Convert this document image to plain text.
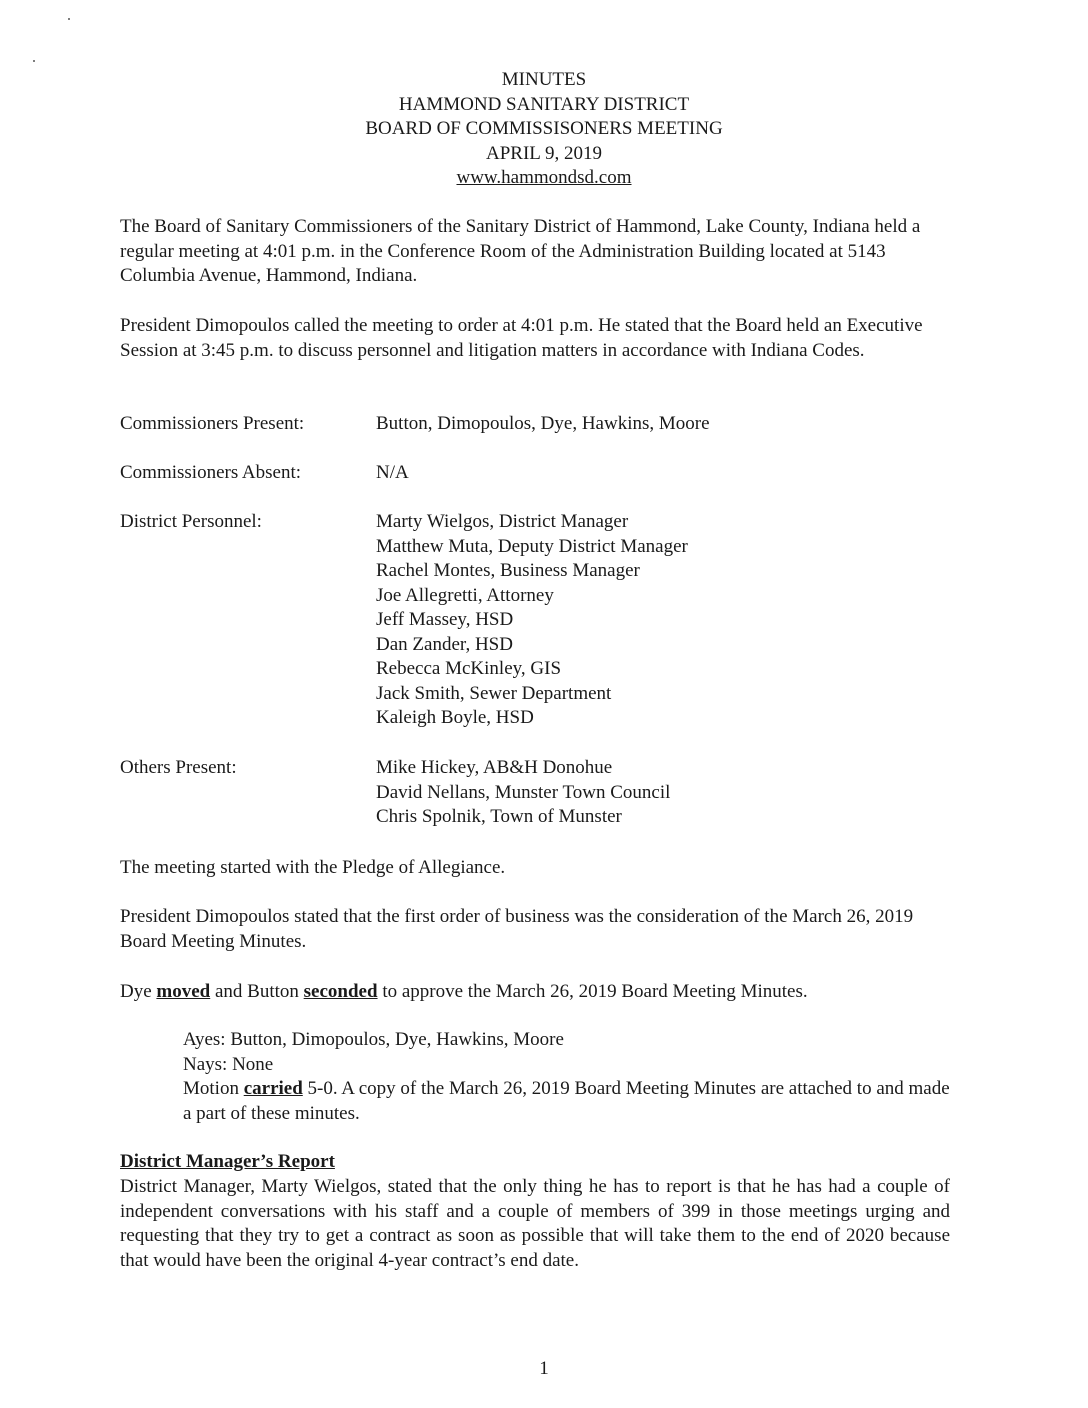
MINUTES
HAMMOND SANITARY DISTRICT
BOARD OF COMMISSISONERS MEETING
APRIL 9, 2019
www.hammondsd.com
The Board of Sanitary Commissioners of the Sanitary District of Hammond, Lake County, Indiana held a regular meeting at 4:01 p.m. in the Conference Room of the Administration Building located at 5143 Columbia Avenue, Hammond, Indiana.
President Dimopoulos called the meeting to order at 4:01 p.m. He stated that the Board held an Executive Session at 3:45 p.m. to discuss personnel and litigation matters in accordance with Indiana Codes.
Commissioners Present:	Button, Dimopoulos, Dye, Hawkins, Moore
Commissioners Absent:	N/A
District Personnel:	Marty Wielgos, District Manager
Matthew Muta, Deputy District Manager
Rachel Montes, Business Manager
Joe Allegretti, Attorney
Jeff Massey, HSD
Dan Zander, HSD
Rebecca McKinley, GIS
Jack Smith, Sewer Department
Kaleigh Boyle, HSD
Others Present:	Mike Hickey, AB&H Donohue
David Nellans, Munster Town Council
Chris Spolnik, Town of Munster
The meeting started with the Pledge of Allegiance.
President Dimopoulos stated that the first order of business was the consideration of the March 26, 2019 Board Meeting Minutes.
Dye moved and Button seconded to approve the March 26, 2019 Board Meeting Minutes.
Ayes: Button, Dimopoulos, Dye, Hawkins, Moore
Nays: None
Motion carried 5-0. A copy of the March 26, 2019 Board Meeting Minutes are attached to and made a part of these minutes.
District Manager’s Report
District Manager, Marty Wielgos, stated that the only thing he has to report is that he has had a couple of independent conversations with his staff and a couple of members of 399 in those meetings urging and requesting that they try to get a contract as soon as possible that will take them to the end of 2020 because that would have been the original 4-year contract’s end date.
1
